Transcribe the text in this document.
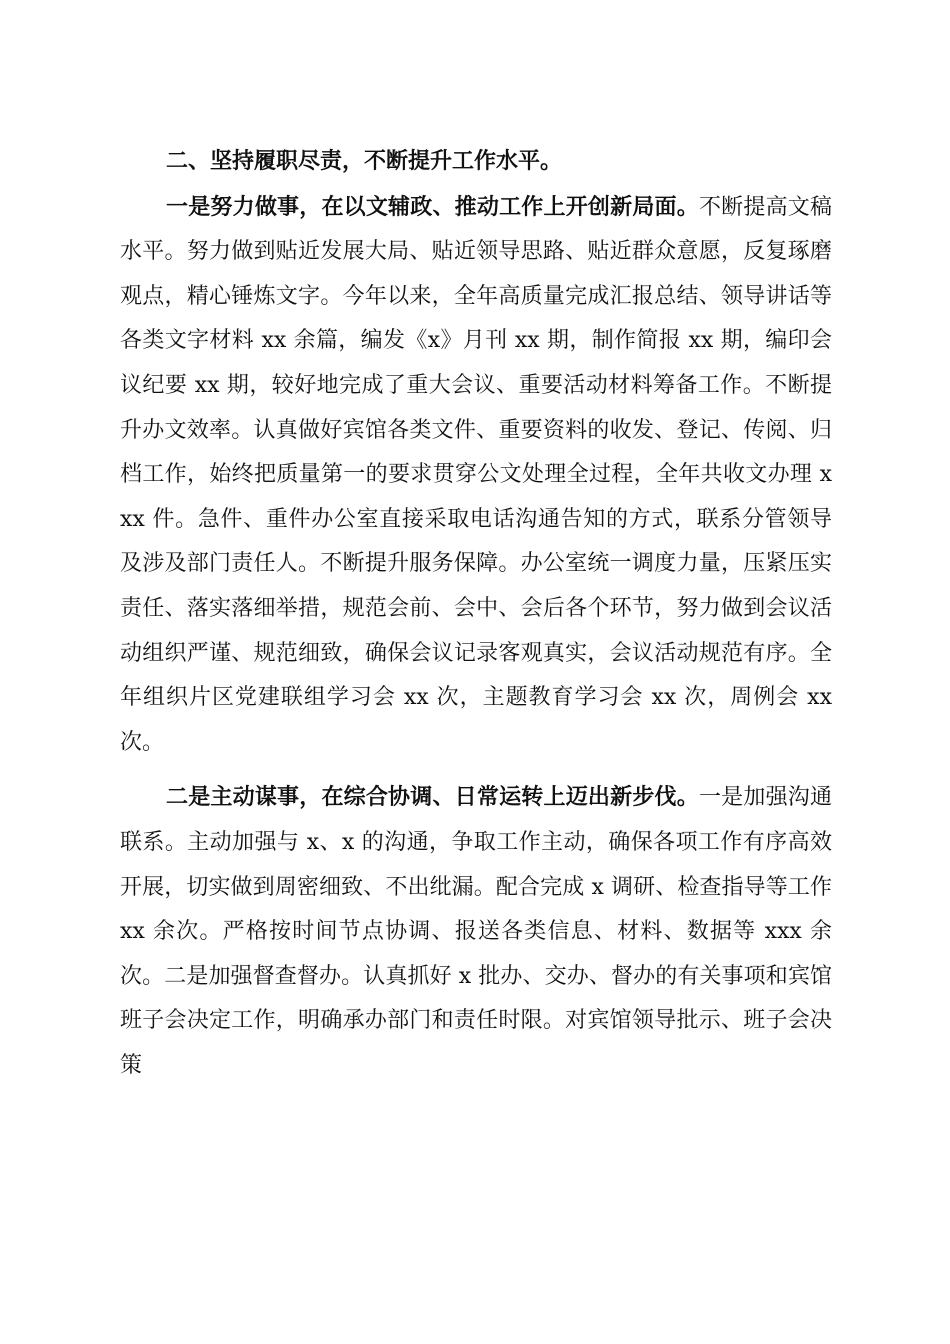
二、坚持履职尽责，不断提升工作水平。

一是努力做事，在以文辅政、推动工作上开创新局面。不断提高文稿水平。努力做到贴近发展大局、贴近领导思路、贴近群众意愿，反复琢磨观点，精心锤炼文字。今年以来，全年高质量完成汇报总结、领导讲话等各类文字材料 xx 余篇，编发《x》月刊 xx 期，制作简报 xx 期，编印会议纪要 xx 期，较好地完成了重大会议、重要活动材料筹备工作。不断提升办文效率。认真做好宾馆各类文件、重要资料的收发、登记、传阅、归档工作，始终把质量第一的要求贯穿公文处理全过程，全年共收文办理 xxx 件。急件、重件办公室直接采取电话沟通告知的方式，联系分管领导及涉及部门责任人。不断提升服务保障。办公室统一调度力量，压紧压实责任、落实落细举措，规范会前、会中、会后各个环节，努力做到会议活动组织严谨、规范细致，确保会议记录客观真实，会议活动规范有序。全年组织片区党建联组学习会 xx 次，主题教育学习会 xx 次，周例会 xx 次。

二是主动谋事，在综合协调、日常运转上迈出新步伐。一是加强沟通联系。主动加强与 x、x 的沟通，争取工作主动，确保各项工作有序高效开展，切实做到周密细致、不出纰漏。配合完成 x 调研、检查指导等工作 xx 余次。严格按时间节点协调、报送各类信息、材料、数据等 xxx 余次。二是加强督查督办。认真抓好 x 批办、交办、督办的有关事项和宾馆班子会决定工作，明确承办部门和责任时限。对宾馆领导批示、班子会决策
